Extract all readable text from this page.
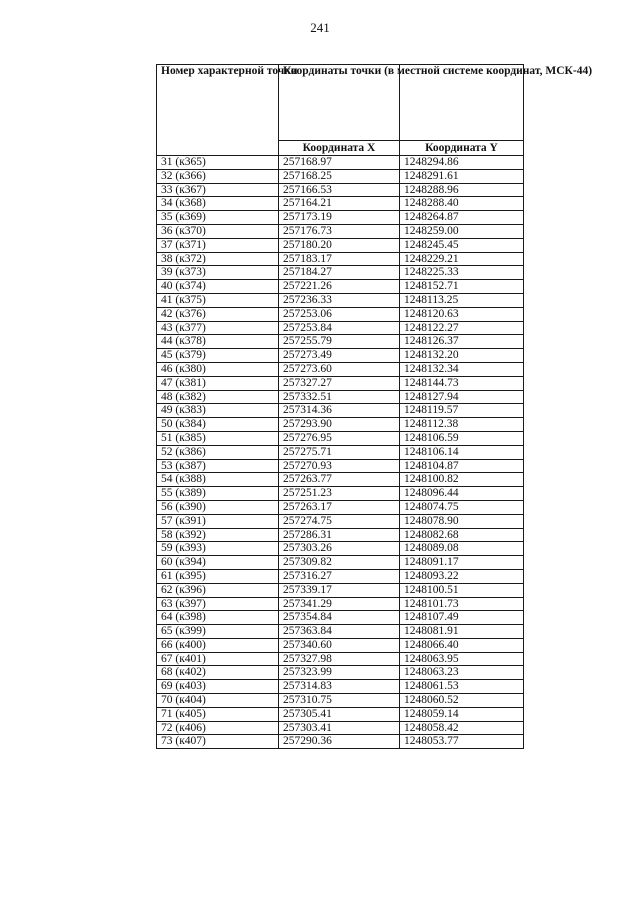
241
Номер характерной точки	Координаты точки (в местной системе координат, МСК-44)	
	Координата X	Координата Y
31 (к365)	257168.97	1248294.86
32 (к366)	257168.25	1248291.61
33 (к367)	257166.53	1248288.96
34 (к368)	257164.21	1248288.40
35 (к369)	257173.19	1248264.87
36 (к370)	257176.73	1248259.00
37 (к371)	257180.20	1248245.45
38 (к372)	257183.17	1248229.21
39 (к373)	257184.27	1248225.33
40 (к374)	257221.26	1248152.71
41 (к375)	257236.33	1248113.25
42 (к376)	257253.06	1248120.63
43 (к377)	257253.84	1248122.27
44 (к378)	257255.79	1248126.37
45 (к379)	257273.49	1248132.20
46 (к380)	257273.60	1248132.34
47 (к381)	257327.27	1248144.73
48 (к382)	257332.51	1248127.94
49 (к383)	257314.36	1248119.57
50 (к384)	257293.90	1248112.38
51 (к385)	257276.95	1248106.59
52 (к386)	257275.71	1248106.14
53 (к387)	257270.93	1248104.87
54 (к388)	257263.77	1248100.82
55 (к389)	257251.23	1248096.44
56 (к390)	257263.17	1248074.75
57 (к391)	257274.75	1248078.90
58 (к392)	257286.31	1248082.68
59 (к393)	257303.26	1248089.08
60 (к394)	257309.82	1248091.17
61 (к395)	257316.27	1248093.22
62 (к396)	257339.17	1248100.51
63 (к397)	257341.29	1248101.73
64 (к398)	257354.84	1248107.49
65 (к399)	257363.84	1248081.91
66 (к400)	257340.60	1248066.40
67 (к401)	257327.98	1248063.95
68 (к402)	257323.99	1248063.23
69 (к403)	257314.83	1248061.53
70 (к404)	257310.75	1248060.52
71 (к405)	257305.41	1248059.14
72 (к406)	257303.41	1248058.42
73 (к407)	257290.36	1248053.77
